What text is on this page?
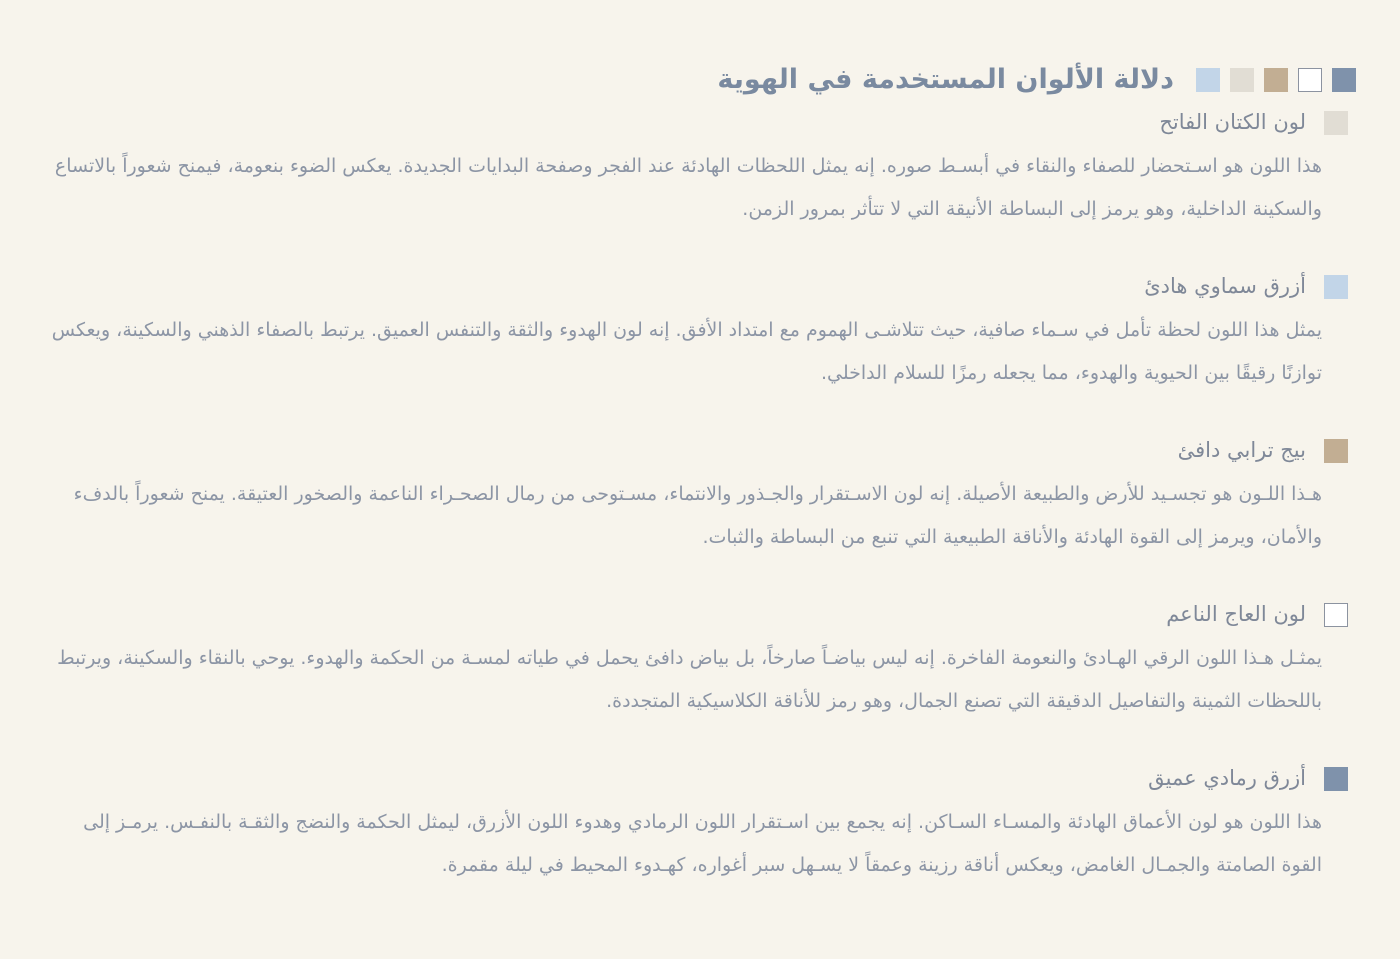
دلالة الألوان المستخدمة في الهوية
لون الكتان الفاتح

هذا اللون هو اسـتحضار للصفاء والنقاء في أبسـط صوره. إنه يمثل اللحظات الهادئة عند الفجر وصفحة البدايات الجديدة. يعكس الضوء بنعومة، فيمنح شعوراً بالاتساع والسكينة الداخلية، وهو يرمز إلى البساطة الأنيقة التي لا تتأثر بمرور الزمن.

أزرق سماوي هادئ

يمثل هذا اللون لحظة تأمل في سـماء صافية، حيث تتلاشـى الهموم مع امتداد الأفق. إنه لون الهدوء والثقة والتنفس العميق. يرتبط بالصفاء الذهني والسكينة، ويعكس توازنًا رقيقًا بين الحيوية والهدوء، مما يجعله رمزًا للسلام الداخلي.

بيج ترابي دافئ

هـذا اللـون هو تجسـيد للأرض والطبيعة الأصيلة. إنه لون الاسـتقرار والجـذور والانتماء، مسـتوحى من رمال الصحـراء الناعمة والصخور العتيقة. يمنح شعوراً بالدفء والأمان، ويرمز إلى القوة الهادئة والأناقة الطبيعية التي تنبع من البساطة والثبات.

لون العاج الناعم

يمثـل هـذا اللون الرقي الهـادئ والنعومة الفاخرة. إنه ليس بياضـاً صارخاً، بل بياض دافئ يحمل في طياته لمسـة من الحكمة والهدوء. يوحي بالنقاء والسكينة، ويرتبط باللحظات الثمينة والتفاصيل الدقيقة التي تصنع الجمال، وهو رمز للأناقة الكلاسيكية المتجددة.

أزرق رمادي عميق

هذا اللون هو لون الأعماق الهادئة والمسـاء السـاكن. إنه يجمع بين اسـتقرار اللون الرمادي وهدوء اللون الأزرق، ليمثل الحكمة والنضج والثقـة بالنفـس. يرمـز إلى القوة الصامتة والجمـال الغامض، ويعكس أناقة رزينة وعمقاً لا يسـهل سبر أغواره، كهـدوء المحيط في ليلة مقمرة.
